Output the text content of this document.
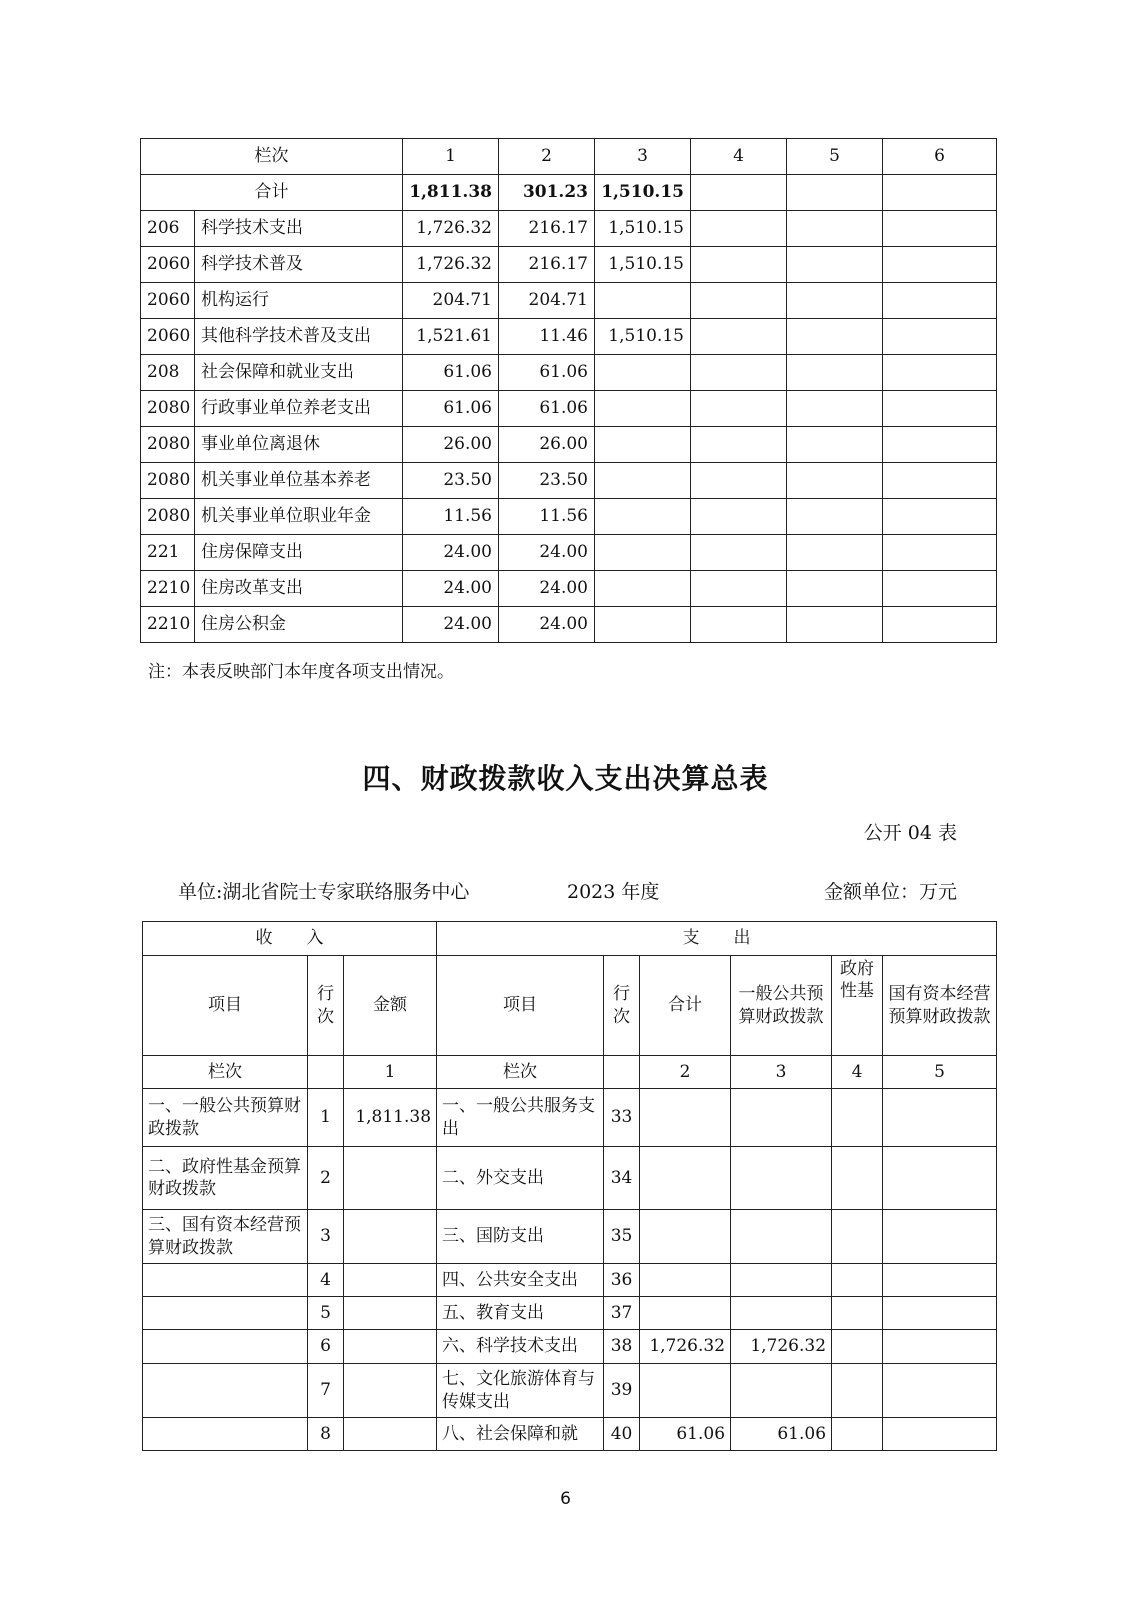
栏次		1	2	3	4	5	6
合计		1,811.38	301.23	1,510.15			
206	科学技术支出	1,726.32	216.17	1,510.15			
2060	科学技术普及	1,726.32	216.17	1,510.15			
2060	机构运行	204.71	204.71				
2060	其他科学技术普及支出	1,521.61	11.46	1,510.15			
208	社会保障和就业支出	61.06	61.06				
2080	行政事业单位养老支出	61.06	61.06				
2080	事业单位离退休	26.00	26.00				
2080	机关事业单位基本养老	23.50	23.50				
2080	机关事业单位职业年金	11.56	11.56				
221	住房保障支出	24.00	24.00				
2210	住房改革支出	24.00	24.00				
2210	住房公积金	24.00	24.00				
注：本表反映部门本年度各项支出情况。
四、财政拨款收入支出决算总表
公开 04 表
单位:湖北省院士专家联络服务中心	2023 年度	金额单位：万元
收　　入			支　　出					
项目	行次	金额	项目	行次	合计	一般公共预算财政拨款	政府性基	国有资本经营预算财政拨款
栏次		1	栏次		2	3	4	5
一、一般公共预算财政拨款	1	1,811.38	一、一般公共服务支出	33				
二、政府性基金预算财政拨款	2		二、外交支出	34				
三、国有资本经营预算财政拨款	3		三、国防支出	35				
	4		四、公共安全支出	36				
	5		五、教育支出	37				
	6		六、科学技术支出	38	1,726.32	1,726.32		
	7		七、文化旅游体育与传媒支出	39				
	8		八、社会保障和就	40	61.06	61.06		
6
